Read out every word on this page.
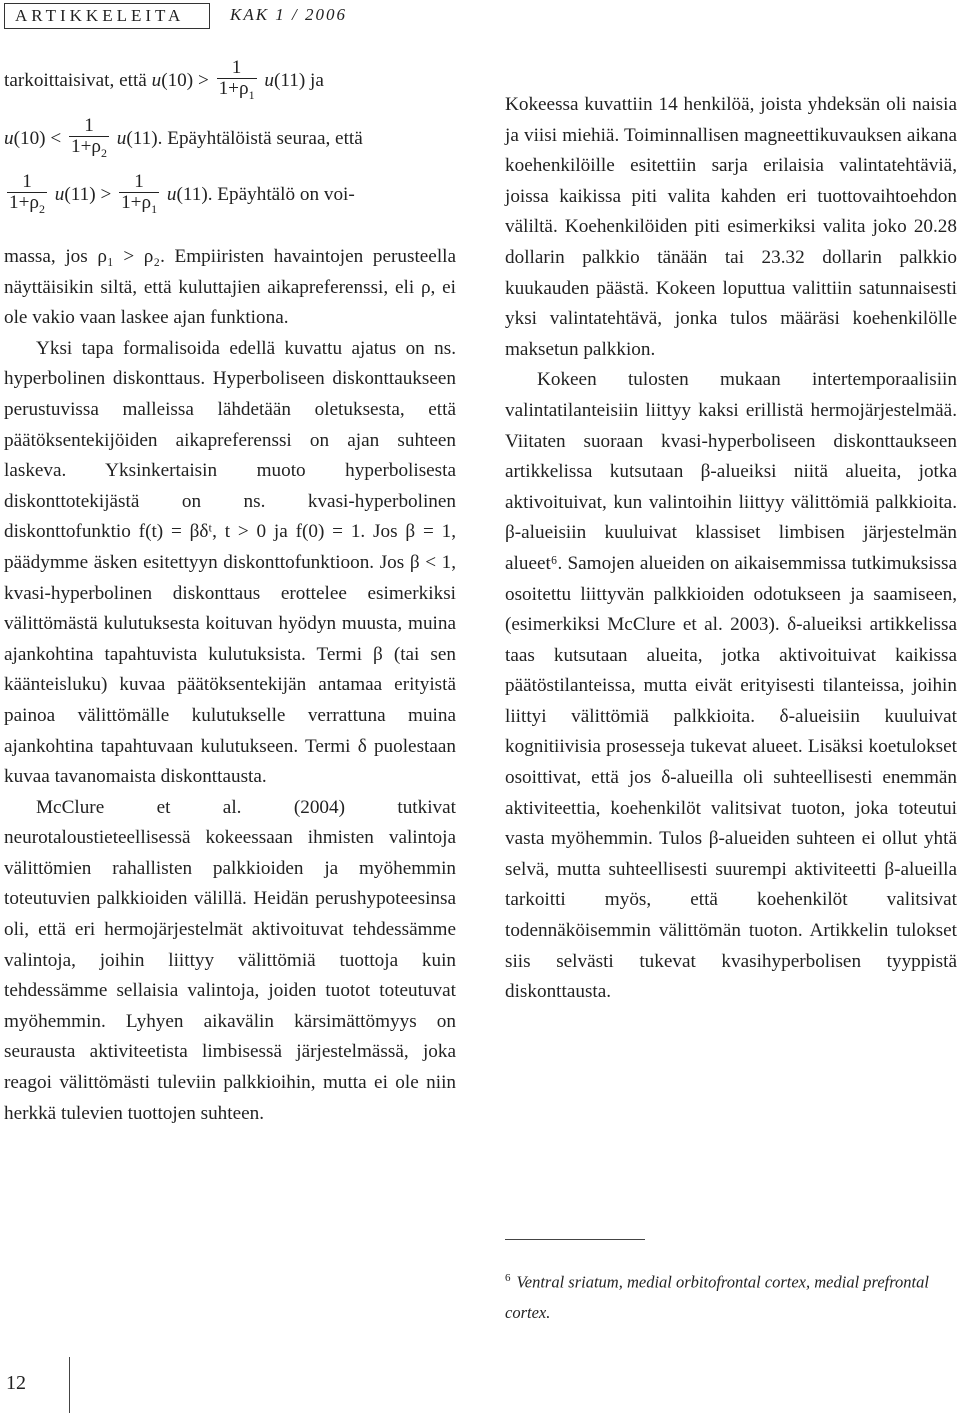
ARTIKKELEITA	KAK 1 / 2006
tarkoittaisivat, että $u(10) > \frac{1}{1+\rho_1} u(11)$ ja
$u(10) < \frac{1}{1+\rho_2} u(11)$. Epäyhtälöistä seuraa, että
$\frac{1}{1+\rho_2} u(11) > \frac{1}{1+\rho_1} u(11)$. Epäyhtälö on voi-

massa, jos ρ₁ > ρ₂. Empiiristen havaintojen perusteella näyttäisikin siltä, että kuluttajien aikapreferenssi, eli ρ, ei ole vakio vaan laskee ajan funktiona.

Yksi tapa formalisoida edellä kuvattu ajatus on ns. hyperbolinen diskonttaus. Hyperboliseen diskonttaukseen perustuvissa malleissa lähdetään oletuksesta, että päätöksentekijöiden aikapreferenssi on ajan suhteen laskeva. Yksinkertaisin muoto hyperbolisesta diskonttotekijästä on ns. kvasi-hyperbolinen diskonttofunktio f(t) = βδᵗ, t > 0 ja f(0) = 1. Jos β = 1, päädymme äsken esitettyyn diskonttofunktioon. Jos β < 1, kvasi-hyperbolinen diskonttaus erottelee esimerkiksi välittömästä kulutuksesta koituvan hyödyn muusta, muina ajankohtina tapahtuvista kulutuksista. Termi β (tai sen käänteisluku) kuvaa päätöksentekijän antamaa erityistä painoa välittömälle kulutukselle verrattuna muina ajankohtina tapahtuvaan kulutukseen. Termi δ puolestaan kuvaa tavanomaista diskonttausta.

McClure et al. (2004) tutkivat neurotaloustieteellisessä kokeessaan ihmisten valintoja välittömien rahallisten palkkioiden ja myöhemmin toteutuvien palkkioiden välillä. Heidän perushypoteesinsa oli, että eri hermojärjestelmät aktivoituvat tehdessämme valintoja, joihin liittyy välittömiä tuottoja kuin tehdessämme sellaisia valintoja, joiden tuotot toteutuvat myöhemmin. Lyhyen aikavälin kärsimättömyys on seurausta aktiviteetista limbisessä järjestelmässä, joka reagoi välittömästi tuleviin palkkioihin, mutta ei ole niin herkkä tulevien tuottojen suhteen.

Kokeessa kuvattiin 14 henkilöä, joista yhdeksän oli naisia ja viisi miehiä. Toiminnallisen magneettikuvauksen aikana koehenkilöille esitettiin sarja erilaisia valintatehtäviä, joissa kaikissa piti valita kahden eri tuottovaihtoehdon väliltä. Koehenkilöiden piti esimerkiksi valita joko 20.28 dollarin palkkio tänään tai 23.32 dollarin palkkio kuukauden päästä. Kokeen loputtua valittiin satunnaisesti yksi valintatehtävä, jonka tulos määräsi koehenkilölle maksetun palkkion.

Kokeen tulosten mukaan intertemporaalisiin valintatilanteisiin liittyy kaksi erillistä hermojärjestelmää. Viitaten suoraan kvasi-hyperboliseen diskonttaukseen artikkelissa kutsutaan β-alueiksi niitä alueita, jotka aktivoituivat, kun valintoihin liittyy välittömiä palkkioita. β-alueisiin kuuluivat klassiset limbisen järjestelmän alueet⁶. Samojen alueiden on aikaisemmissa tutkimuksissa osoitettu liittyvän palkkioiden odotukseen ja saamiseen, (esimerkiksi McClure et al. 2003). δ-alueiksi artikkelissa taas kutsutaan alueita, jotka aktivoituivat kaikissa päätöstilanteissa, mutta eivät erityisesti tilanteissa, joihin liittyi välittömiä palkkioita. δ-alueisiin kuuluivat kognitiivisia prosesseja tukevat alueet. Lisäksi koetulokset osoittivat, että jos δ-alueilla oli suhteellisesti enemmän aktiviteettia, koehenkilöt valitsivat tuoton, joka toteutui vasta myöhemmin. Tulos β-alueiden suhteen ei ollut yhtä selvä, mutta suhteellisesti suurempi aktiviteetti β-alueilla tarkoitti myös, että koehenkilöt valitsivat todennäköisemmin välittömän tuoton. Artikkelin tulokset siis selvästi tukevat kvasihyperbolisen tyyppistä diskonttausta.

$^6$ Ventral sriatum, medial orbitofrontal cortex, medial prefrontal cortex.
12
